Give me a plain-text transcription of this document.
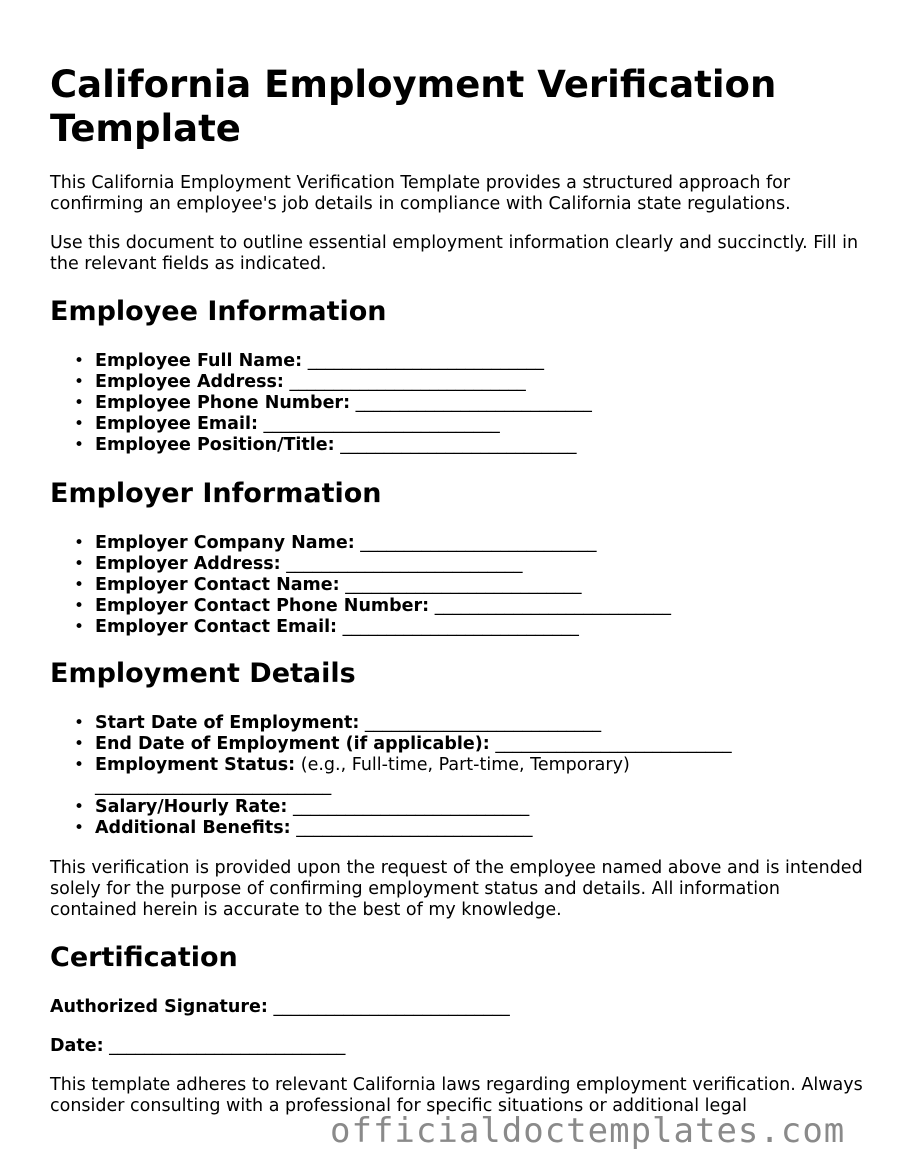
California Employment Verification Template

This California Employment Verification Template provides a structured approach for confirming an employee's job details in compliance with California state regulations.

Use this document to outline essential employment information clearly and succinctly. Fill in the relevant fields as indicated.

Employee Information
• Employee Full Name: ___________________________
• Employee Address: ___________________________
• Employee Phone Number: ___________________________
• Employee Email: ___________________________
• Employee Position/Title: ___________________________
Employer Information
• Employer Company Name: ___________________________
• Employer Address: ___________________________
• Employer Contact Name: ___________________________
• Employer Contact Phone Number: ___________________________
• Employer Contact Email: ___________________________
Employment Details
• Start Date of Employment: ___________________________
• End Date of Employment (if applicable): ___________________________
• Employment Status: (e.g., Full-time, Part-time, Temporary)
___________________________
• Salary/Hourly Rate: ___________________________
• Additional Benefits: ___________________________

This verification is provided upon the request of the employee named above and is intended solely for the purpose of confirming employment status and details. All information contained herein is accurate to the best of my knowledge.

Certification
Authorized Signature: ___________________________
Date: ___________________________

This template adheres to relevant California laws regarding employment verification. Always consider consulting with a professional for specific situations or additional legal

officialdoctemplates.com
